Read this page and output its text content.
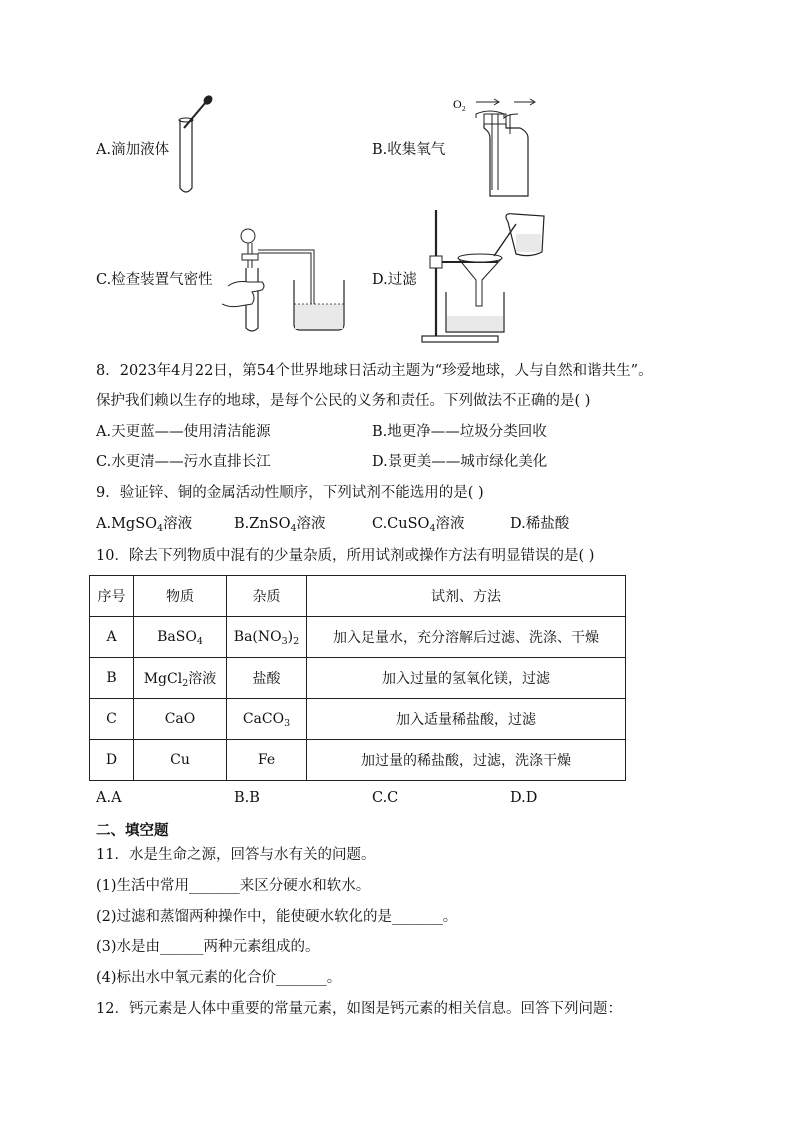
A.滴加液体	B.收集氧气
C.检查装置气密性	D.过滤
O 2
8．2023年4月22日，第54个世界地球日活动主题为“珍爱地球，人与自然和谐共生”。
保护我们赖以生存的地球，是每个公民的义务和责任。下列做法不正确的是( )
A.天更蓝——使用清洁能源	B.地更净——垃圾分类回收
C.水更清——污水直排长江	D.景更美——城市绿化美化
9．验证锌、铜的金属活动性顺序，下列试剂不能选用的是( )
A.MgSO$_4$溶液	B.ZnSO$_4$溶液	C.CuSO$_4$溶液	D.稀盐酸
10．除去下列物质中混有的少量杂质，所用试剂或操作方法有明显错误的是( )
序号	物质	杂质	试剂、方法
A	BaSO$_4$	$Ba(NO_3)_2$	加入足量水，充分溶解后过滤、洗涤、干燥
B	MgCl$_2$溶液	盐酸	加入过量的氢氧化镁，过滤
C	CaO	CaCO$_3$	加入适量稀盐酸，过滤
D	Cu	Fe	加过量的稀盐酸，过滤，洗涤干燥
A.A	B.B	C.C	D.D
二、填空题
11．水是生命之源，回答与水有关的问题。
(1)生活中常用_______来区分硬水和软水。
(2)过滤和蒸馏两种操作中，能使硬水软化的是_______。
(3)水是由______两种元素组成的。
(4)标出水中氧元素的化合价_______。
12．钙元素是人体中重要的常量元素，如图是钙元素的相关信息。回答下列问题：
